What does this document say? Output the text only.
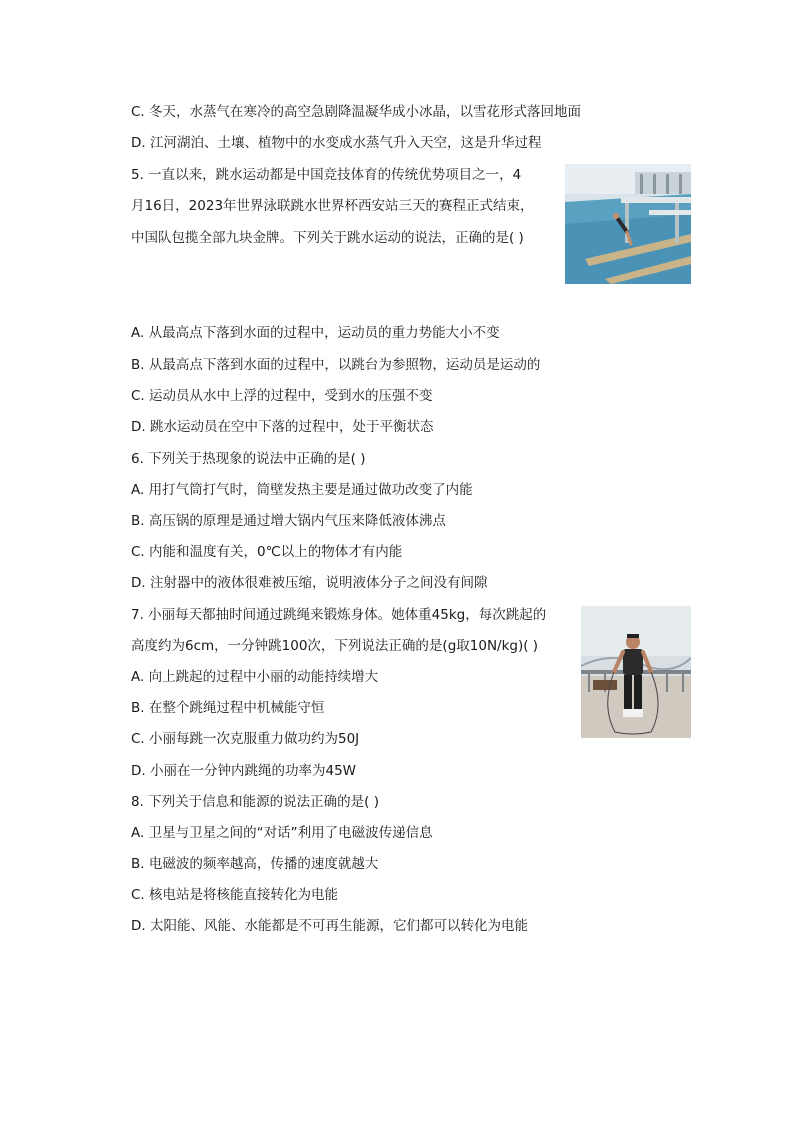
C. 冬天，水蒸气在寒冷的高空急剧降温凝华成小冰晶，以雪花形式落回地面
D. 江河湖泊、土壤、植物中的水变成水蒸气升入天空，这是升华过程
5. 一直以来，跳水运动都是中国竞技体育的传统优势项目之一，4
月16日，2023年世界泳联跳水世界杯西安站三天的赛程正式结束，
中国队包揽全部九块金牌。下列关于跳水运动的说法，正确的是( )
A. 从最高点下落到水面的过程中，运动员的重力势能大小不变
B. 从最高点下落到水面的过程中，以跳台为参照物，运动员是运动的
C. 运动员从水中上浮的过程中，受到水的压强不变
D. 跳水运动员在空中下落的过程中，处于平衡状态
6. 下列关于热现象的说法中正确的是( )
A. 用打气筒打气时，筒壁发热主要是通过做功改变了内能
B. 高压锅的原理是通过增大锅内气压来降低液体沸点
C. 内能和温度有关，0℃以上的物体才有内能
D. 注射器中的液体很难被压缩，说明液体分子之间没有间隙
7. 小丽每天都抽时间通过跳绳来锻炼身体。她体重45kg，每次跳起的
高度约为6cm，一分钟跳100次，下列说法正确的是(g取10N/kg)( )
A. 向上跳起的过程中小丽的动能持续增大
B. 在整个跳绳过程中机械能守恒
C. 小丽每跳一次克服重力做功约为50J
D. 小丽在一分钟内跳绳的功率为45W
8. 下列关于信息和能源的说法正确的是( )
A. 卫星与卫星之间的“对话”利用了电磁波传递信息
B. 电磁波的频率越高，传播的速度就越大
C. 核电站是将核能直接转化为电能
D. 太阳能、风能、水能都是不可再生能源，它们都可以转化为电能
